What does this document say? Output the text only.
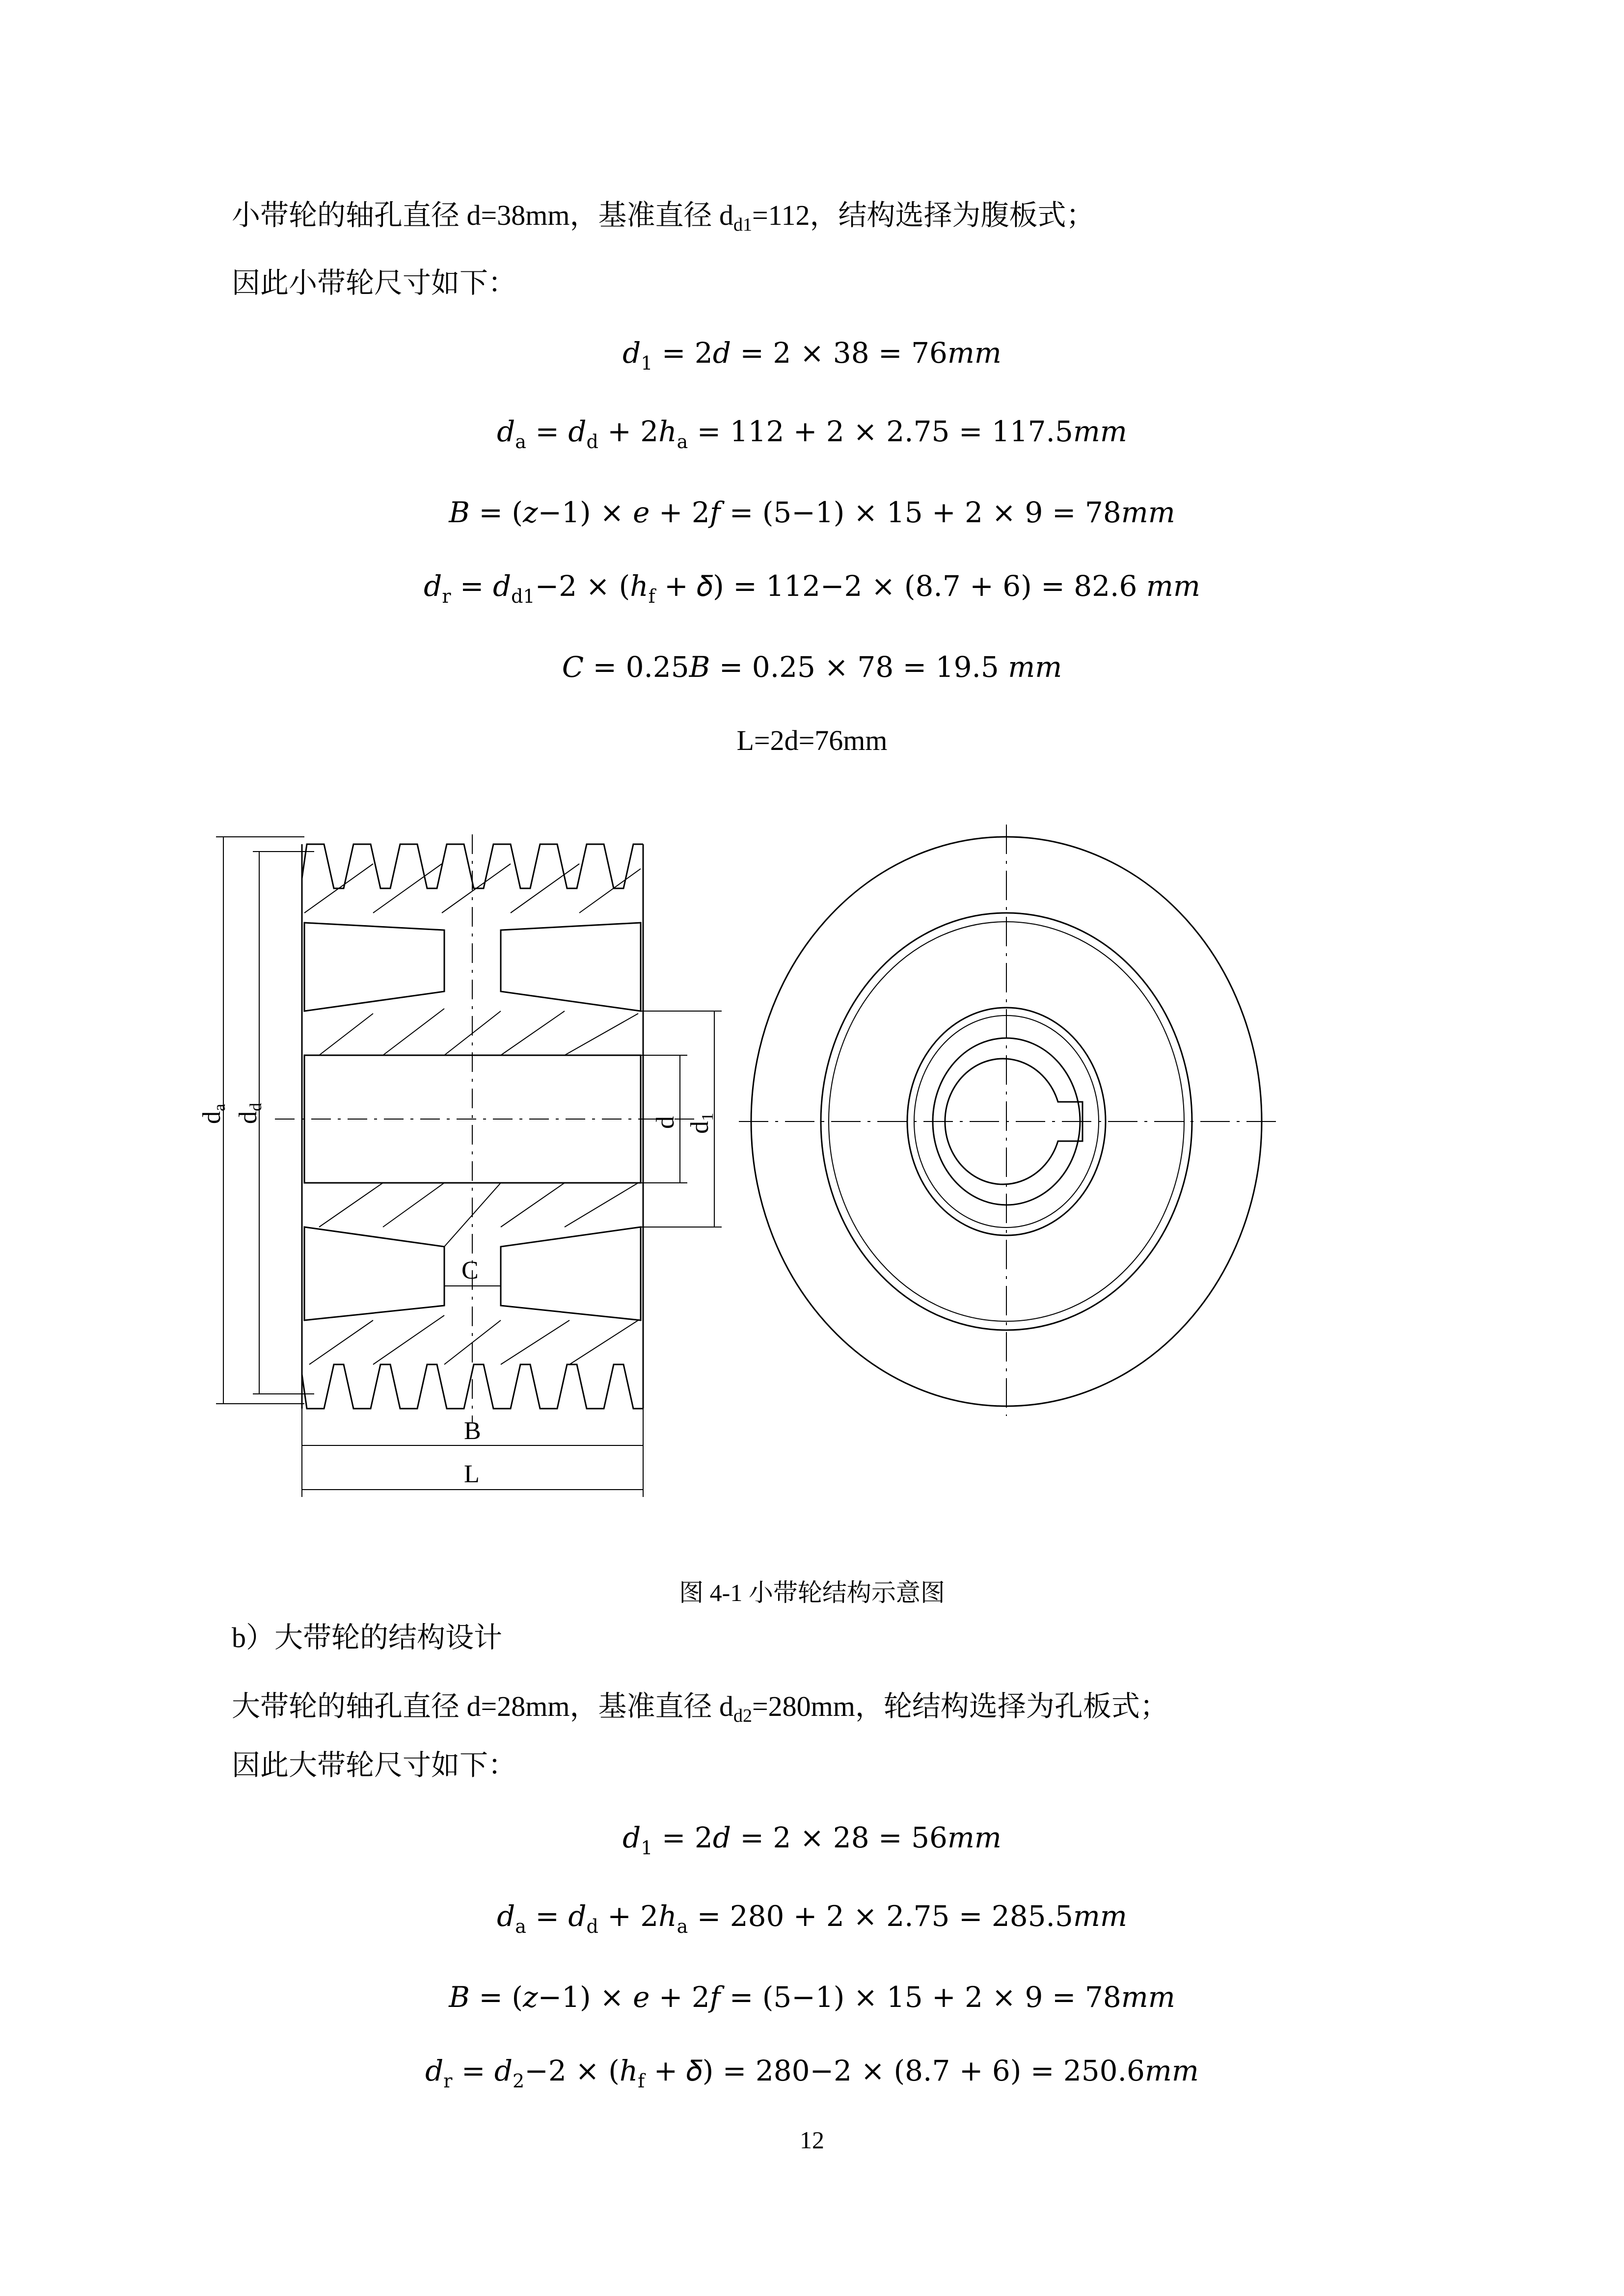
小带轮的轴孔直径 d=38mm，基准直径 $d_{d1}=112$，结构选择为腹板式；
因此小带轮尺寸如下：
$d_1$ = 2𝑑 = 2 × 38 = 76𝑚𝑚
$d_a$ = 𝑑$_d$ + 2ℎ$_a$ = 112 + 2 × 2.75 = 117.5𝑚𝑚
𝐵 = (𝑧−1) × 𝑒 + 2𝑓 = (5−1) × 15 + 2 × 9 = 78𝑚𝑚
$d_r$ = 𝑑$_{d1}$−2 × (ℎ$_f$ + 𝛿) = 112−2 × (8.7 + 6) = 82.6 𝑚𝑚
𝐶 = 0.25𝐵 = 0.25 × 78 = 19.5 𝑚𝑚
L=2d=76mm
da
dd
d d1
C
B
L
图 4-1 小带轮结构示意图
b）大带轮的结构设计
大带轮的轴孔直径 d=28mm，基准直径 $d_{d2}=280mm$，轮结构选择为孔板式；
因此大带轮尺寸如下：
$d_1$ = 2𝑑 = 2 × 28 = 56𝑚𝑚
$d_a$ = 𝑑$_d$ + 2ℎ$_a$ = 280 + 2 × 2.75 = 285.5𝑚𝑚
𝐵 = (𝑧−1) × 𝑒 + 2𝑓 = (5−1) × 15 + 2 × 9 = 78𝑚𝑚
$d_r$ = 𝑑$_2$−2 × (ℎ$_f$ + 𝛿) = 280−2 × (8.7 + 6) = 250.6𝑚𝑚
12
